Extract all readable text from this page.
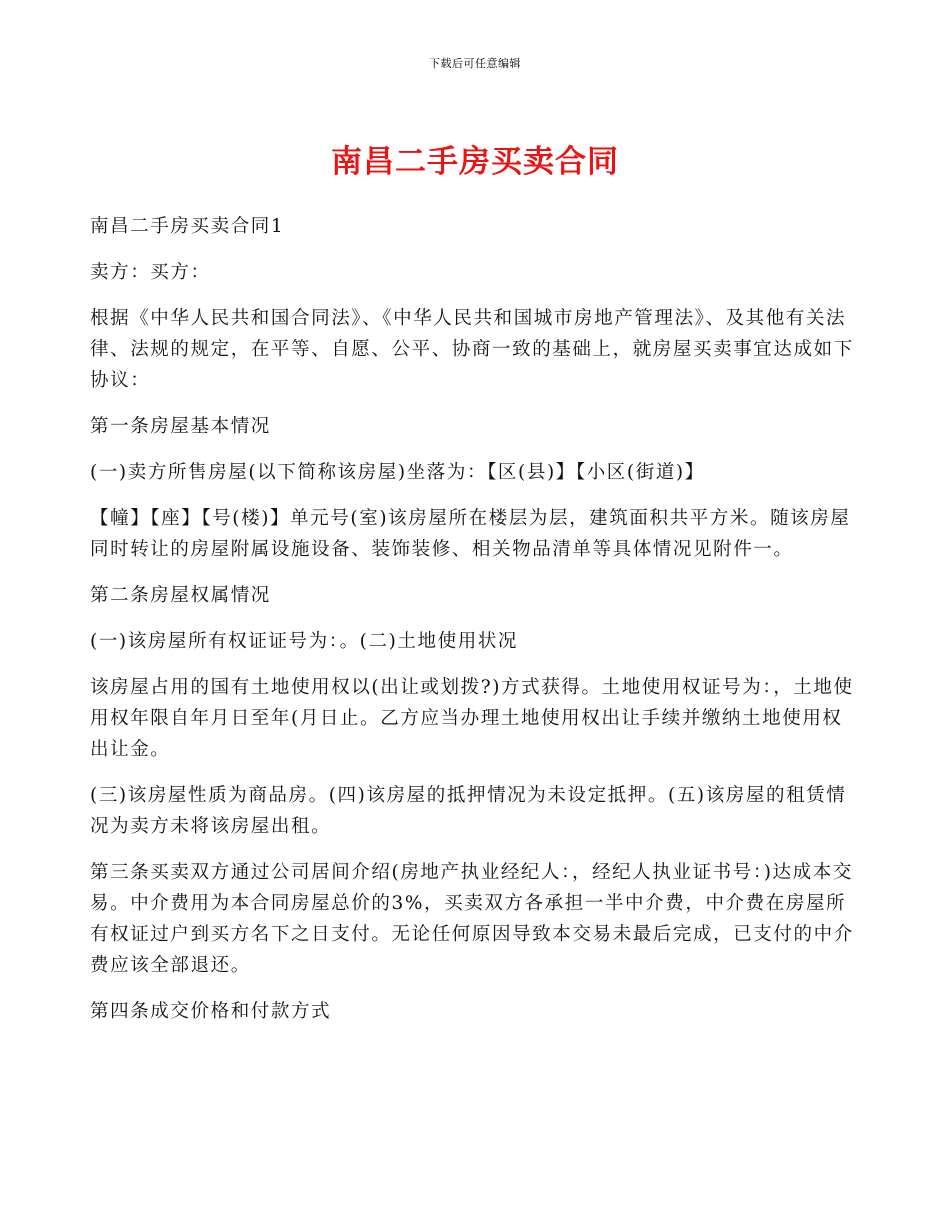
下载后可任意编辑
南昌二手房买卖合同

南昌二手房买卖合同1

卖方：买方：

根据《中华人民共和国合同法》、《中华人民共和国城市房地产管理法》、及其他有关法律、法规的规定，在平等、自愿、公平、协商一致的基础上，就房屋买卖事宜达成如下协议：

第一条房屋基本情况

(一)卖方所售房屋(以下简称该房屋)坐落为：【区(县)】【小区(街道)】

【幢】【座】【号(楼)】单元号(室)该房屋所在楼层为层，建筑面积共平方米。随该房屋同时转让的房屋附属设施设备、装饰装修、相关物品清单等具体情况见附件一。

第二条房屋权属情况

(一)该房屋所有权证证号为：。(二)土地使用状况

该房屋占用的国有土地使用权以(出让或划拨?)方式获得。土地使用权证号为：，土地使用权年限自年月日至年(月日止。乙方应当办理土地使用权出让手续并缴纳土地使用权出让金。

(三)该房屋性质为商品房。(四)该房屋的抵押情况为未设定抵押。(五)该房屋的租赁情况为卖方未将该房屋出租。

第三条买卖双方通过公司居间介绍(房地产执业经纪人：，经纪人执业证书号：)达成本交易。中介费用为本合同房屋总价的3%，买卖双方各承担一半中介费，中介费在房屋所有权证过户到买方名下之日支付。无论任何原因导致本交易未最后完成，已支付的中介费应该全部退还。

第四条成交价格和付款方式
